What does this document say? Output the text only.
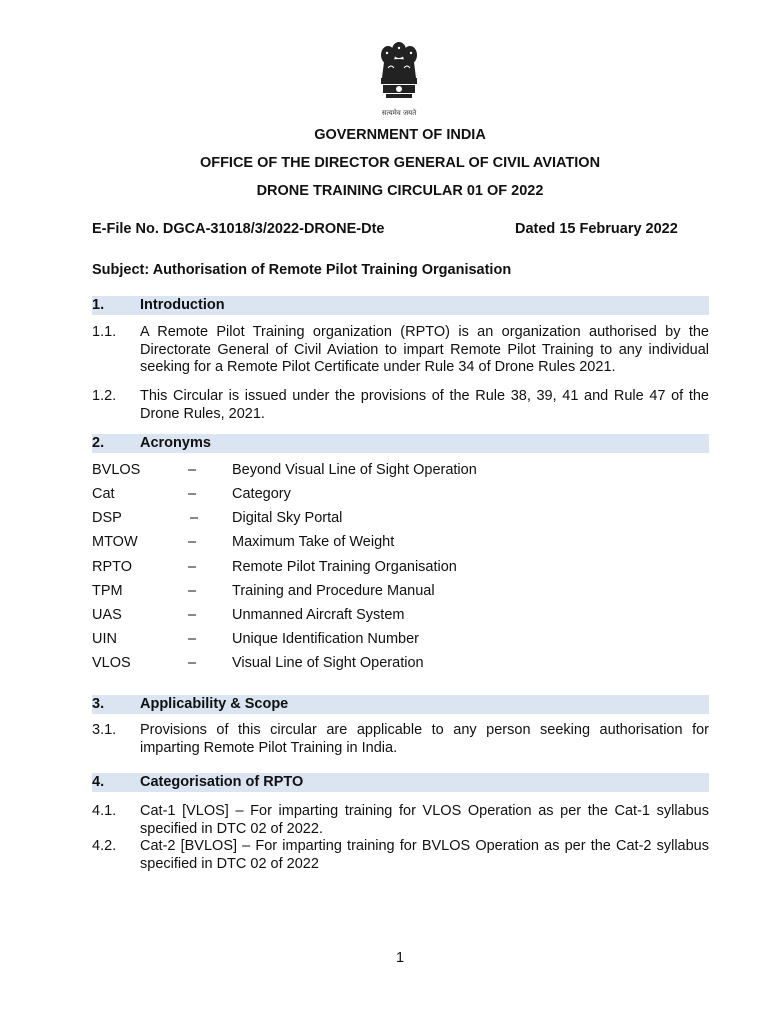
सत्यमेव जयते
GOVERNMENT OF INDIA
OFFICE OF THE DIRECTOR GENERAL OF CIVIL AVIATION
DRONE TRAINING CIRCULAR 01 OF 2022
E-File No. DGCA-31018/3/2022-DRONE-Dte	Dated 15 February 2022
Subject: Authorisation of Remote Pilot Training Organisation
1. Introduction
1.1. A Remote Pilot Training organization (RPTO) is an organization authorised by the Directorate General of Civil Aviation to impart Remote Pilot Training to any individual seeking for a Remote Pilot Certificate under Rule 34 of Drone Rules 2021.
1.2. This Circular is issued under the provisions of the Rule 38, 39, 41 and Rule 47 of the Drone Rules, 2021.
2. Acronyms
BVLOS	– Beyond Visual Line of Sight Operation
Cat	– Category
DSP	– Digital Sky Portal
MTOW	– Maximum Take of Weight
RPTO	– Remote Pilot Training Organisation
TPM	– Training and Procedure Manual
UAS	– Unmanned Aircraft System
UIN	– Unique Identification Number
VLOS	– Visual Line of Sight Operation
3. Applicability & Scope
3.1. Provisions of this circular are applicable to any person seeking authorisation for imparting Remote Pilot Training in India.
4. Categorisation of RPTO
4.1. Cat-1 [VLOS] – For imparting training for VLOS Operation as per the Cat-1 syllabus specified in DTC 02 of 2022.
4.2. Cat-2 [BVLOS] – For imparting training for BVLOS Operation as per the Cat-2 syllabus specified in DTC 02 of 2022
1
